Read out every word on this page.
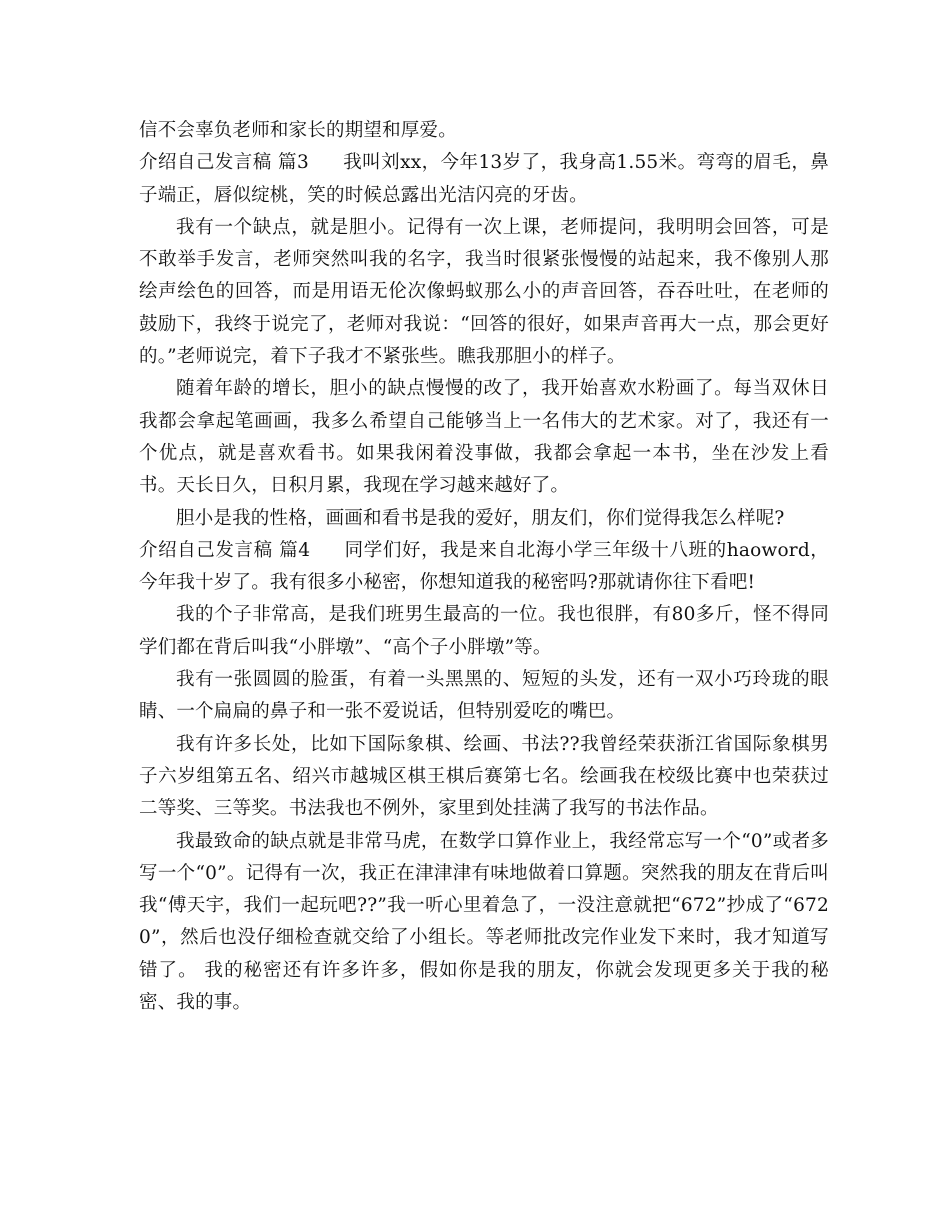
信不会辜负老师和家长的期望和厚爱。

介绍自己发言稿 篇3 我叫刘xx，今年13岁了，我身高1.55米。弯弯的眉毛，鼻子端正，唇似绽桃，笑的时候总露出光洁闪亮的牙齿。

我有一个缺点，就是胆小。记得有一次上课，老师提问，我明明会回答，可是不敢举手发言，老师突然叫我的名字，我当时很紧张慢慢的站起来，我不像别人那绘声绘色的回答，而是用语无伦次像蚂蚁那么小的声音回答，吞吞吐吐，在老师的鼓励下，我终于说完了，老师对我说：“回答的很好，如果声音再大一点，那会更好的。”老师说完，着下子我才不紧张些。瞧我那胆小的样子。

随着年龄的增长，胆小的缺点慢慢的改了，我开始喜欢水粉画了。每当双休日我都会拿起笔画画，我多么希望自己能够当上一名伟大的艺术家。对了，我还有一个优点，就是喜欢看书。如果我闲着没事做，我都会拿起一本书，坐在沙发上看书。天长日久，日积月累，我现在学习越来越好了。

胆小是我的性格，画画和看书是我的爱好，朋友们，你们觉得我怎么样呢?

介绍自己发言稿 篇4 同学们好，我是来自北海小学三年级十八班的haoword，今年我十岁了。我有很多小秘密，你想知道我的秘密吗?那就请你往下看吧!

我的个子非常高，是我们班男生最高的一位。我也很胖，有80多斤，怪不得同学们都在背后叫我“小胖墩”、“高个子小胖墩”等。

我有一张圆圆的脸蛋，有着一头黑黑的、短短的头发，还有一双小巧玲珑的眼睛、一个扁扁的鼻子和一张不爱说话，但特别爱吃的嘴巴。

我有许多长处，比如下国际象棋、绘画、书法??我曾经荣获浙江省国际象棋男子六岁组第五名、绍兴市越城区棋王棋后赛第七名。绘画我在校级比赛中也荣获过二等奖、三等奖。书法我也不例外，家里到处挂满了我写的书法作品。

我最致命的缺点就是非常马虎，在数学口算作业上，我经常忘写一个“0”或者多写一个“0”。记得有一次，我正在津津津有味地做着口算题。突然我的朋友在背后叫我“傅天宇，我们一起玩吧??”我一听心里着急了，一没注意就把“672”抄成了“6720”，然后也没仔细检查就交给了小组长。等老师批改完作业发下来时，我才知道写错了。 我的秘密还有许多许多，假如你是我的朋友，你就会发现更多关于我的秘密、我的事。
